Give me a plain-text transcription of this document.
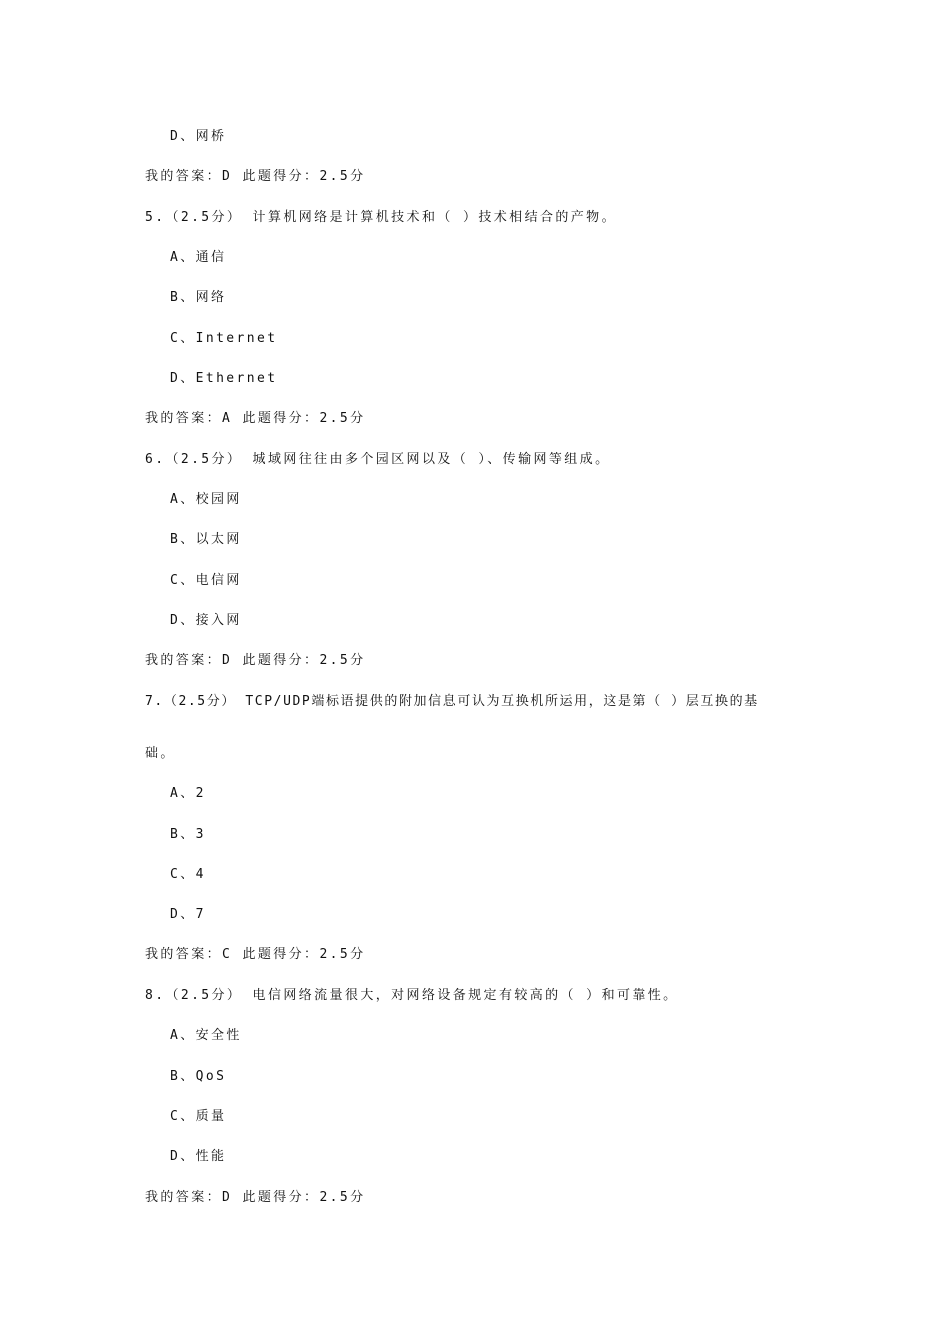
D、网桥
我的答案：D 此题得分：2.5分
5.（2.5分） 计算机网络是计算机技术和（ ）技术相结合的产物。
A、通信
B、网络
C、Internet
D、Ethernet
我的答案：A 此题得分：2.5分
6.（2.5分） 城域网往往由多个园区网以及（ ）、传输网等组成。
A、校园网
B、以太网
C、电信网
D、接入网
我的答案：D 此题得分：2.5分
7.（2.5分） TCP/UDP端标语提供的附加信息可认为互换机所运用，这是第（ ）层互换的基
础。
A、2
B、3
C、4
D、7
我的答案：C 此题得分：2.5分
8.（2.5分） 电信网络流量很大，对网络设备规定有较高的（ ）和可靠性。
A、安全性
B、QoS
C、质量
D、性能
我的答案：D 此题得分：2.5分
